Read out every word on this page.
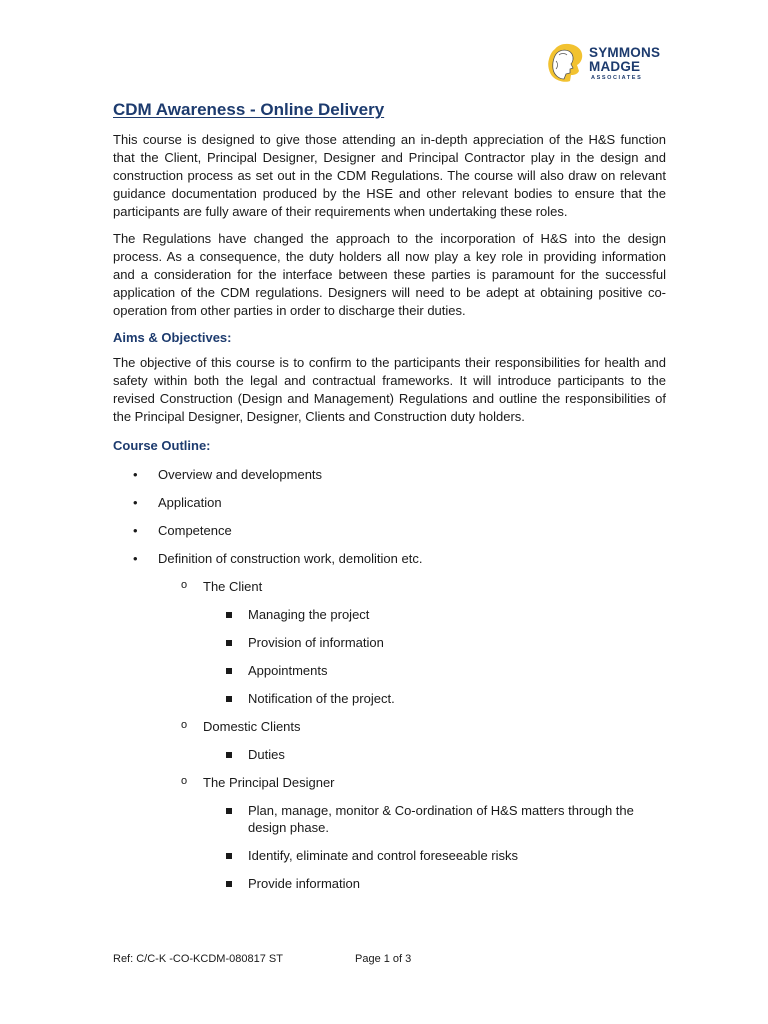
SYMMONS
MADGE
ASSOCIATES
CDM Awareness - Online Delivery

This course is designed to give those attending an in-depth appreciation of the H&S function that the Client, Principal Designer, Designer and Principal Contractor play in the design and construction process as set out in the CDM Regulations. The course will also draw on relevant guidance documentation produced by the HSE and other relevant bodies to ensure that the participants are fully aware of their requirements when undertaking these roles.

The Regulations have changed the approach to the incorporation of H&S into the design process. As a consequence, the duty holders all now play a key role in providing information and a consideration for the interface between these parties is paramount for the successful application of the CDM regulations. Designers will need to be adept at obtaining positive co-operation from other parties in order to discharge their duties.

Aims & Objectives:

The objective of this course is to confirm to the participants their responsibilities for health and safety within both the legal and contractual frameworks. It will introduce participants to the revised Construction (Design and Management) Regulations and outline the responsibilities of the Principal Designer, Designer, Clients and Construction duty holders.

Course Outline:
• Overview and developments
• Application
• Competence
• Definition of construction work, demolition etc.
o The Client
Managing the project
Provision of information
Appointments
Notification of the project.
o Domestic Clients
Duties
o The Principal Designer
Plan, manage, monitor & Co-ordination of H&S matters through the design phase.
Identify, eliminate and control foreseeable risks
Provide information
Ref: C/C-K -CO-KCDM-080817 ST	Page 1 of 3
